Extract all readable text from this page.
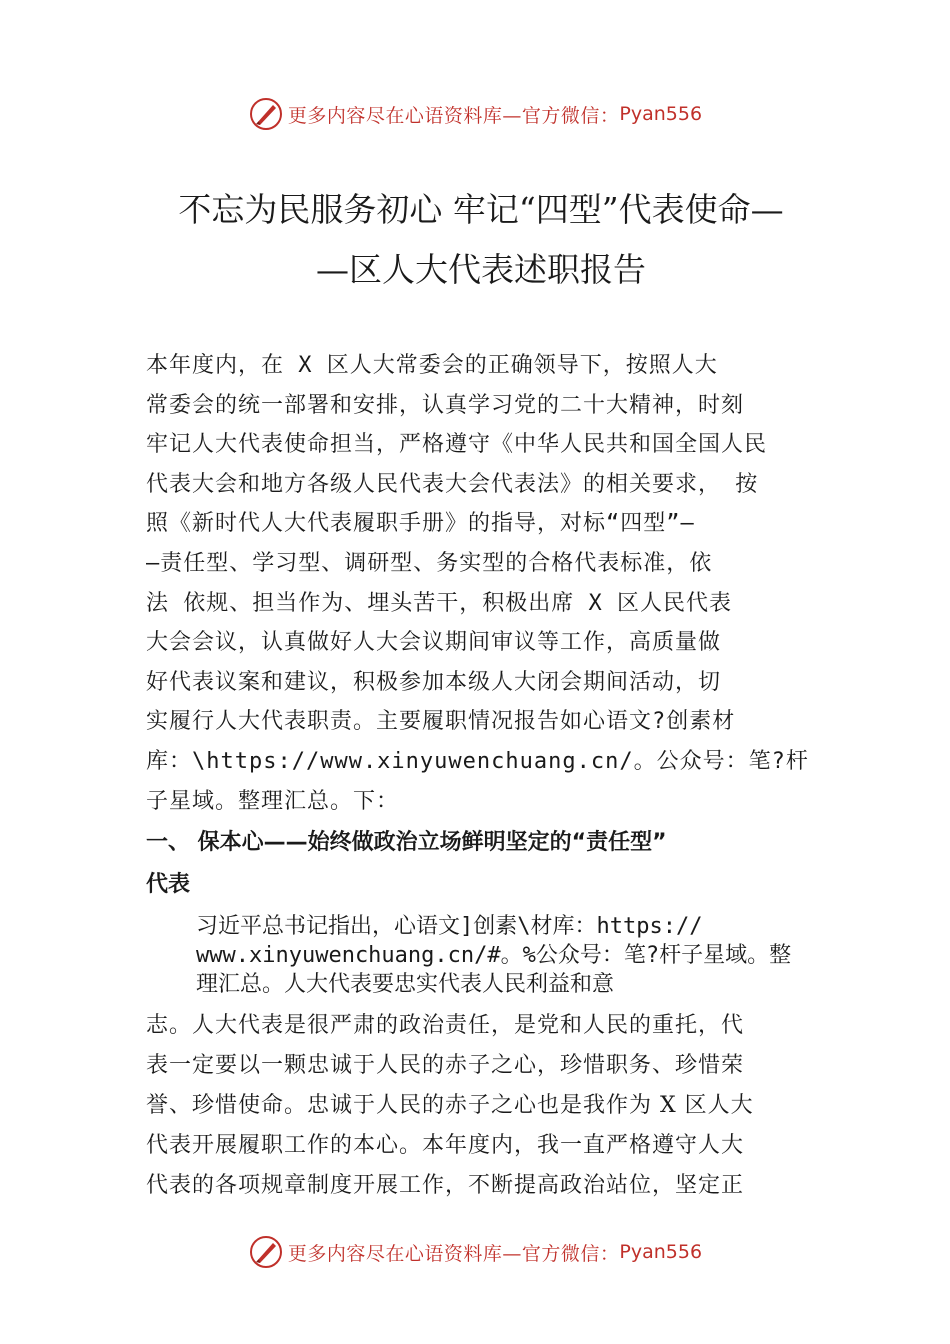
更多内容尽在心语资料库—官方微信： Pyan556
不忘为民服务初心 牢记“四型”代表使命—
—区人大代表述职报告
本年度内，在 X 区人大常委会的正确领导下，按照人大
常委会的统一部署和安排，认真学习党的二十大精神，时刻
牢记人大代表使命担当，严格遵守《中华人民共和国全国人民
代表大会和地方各级人民代表大会代表法》的相关要求， 按
照《新时代人大代表履职手册》的指导，对标“四型”—
—责任型、学习型、调研型、务实型的合格代表标准，依
法 依规、担当作为、埋头苦干，积极出席 X 区人民代表
大会会议，认真做好人大会议期间审议等工作，高质量做
好代表议案和建议，积极参加本级人大闭会期间活动，切
实履行人大代表职责。主要履职情况报告如心语文?创素材
库：\https://www.xinyuwenchuang.cn/。公众号：笔?杆
子星域。整理汇总。下：
一、 保本心——始终做政治立场鲜明坚定的“责任型”
代表
习近平总书记指出，心语文]创素\材库：https://
www.xinyuwenchuang.cn/#。%公众号：笔?杆子星域。整
理汇总。人大代表要忠实代表人民利益和意
志。人大代表是很严肃的政治责任，是党和人民的重托，代
表一定要以一颗忠诚于人民的赤子之心，珍惜职务、珍惜荣
誉、珍惜使命。忠诚于人民的赤子之心也是我作为 X 区人大
代表开展履职工作的本心。本年度内，我一直严格遵守人大
代表的各项规章制度开展工作，不断提高政治站位，坚定正
更多内容尽在心语资料库—官方微信： Pyan556
